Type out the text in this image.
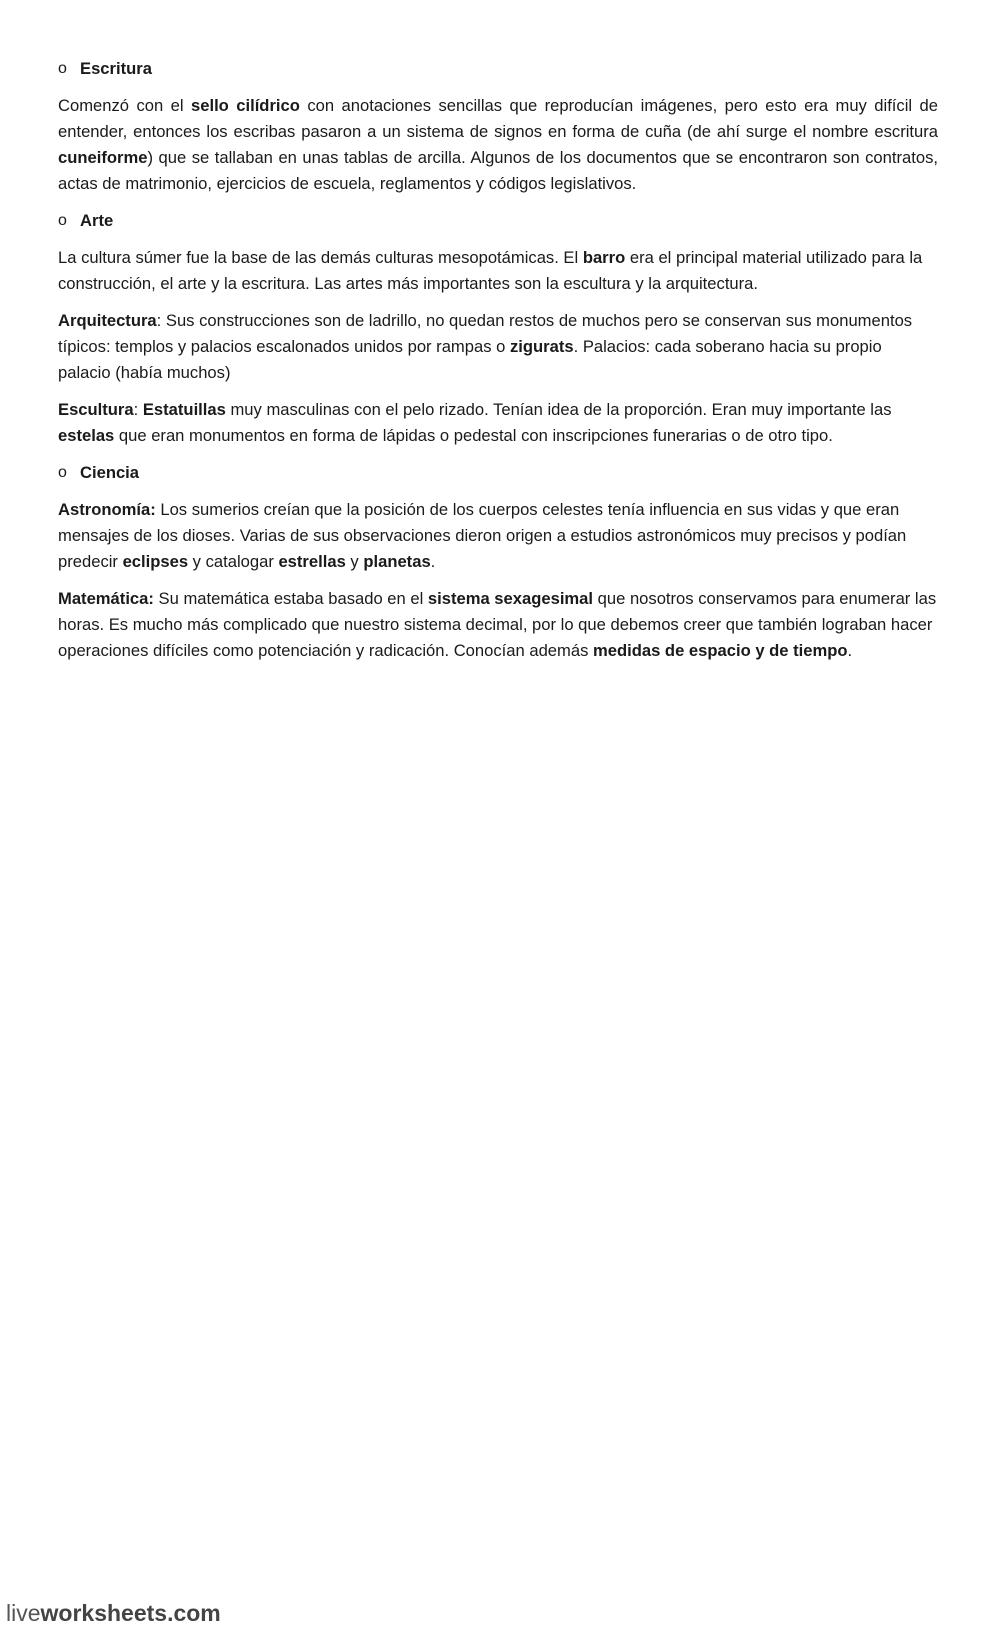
o Escritura

Comenzó con el sello cilídrico con anotaciones sencillas que reproducían imágenes, pero esto era muy difícil de entender, entonces los escribas pasaron a un sistema de signos en forma de cuña (de ahí surge el nombre escritura cuneiforme) que se tallaban en unas tablas de arcilla. Algunos de los documentos que se encontraron son contratos, actas de matrimonio, ejercicios de escuela, reglamentos y códigos legislativos.

o Arte

La cultura súmer fue la base de las demás culturas mesopotámicas. El barro era el principal material utilizado para la construcción, el arte y la escritura. Las artes más importantes son la escultura y la arquitectura.

Arquitectura: Sus construcciones son de ladrillo, no quedan restos de muchos pero se conservan sus monumentos típicos: templos y palacios escalonados unidos por rampas o zigurats. Palacios: cada soberano hacia su propio palacio (había muchos)

Escultura: Estatuillas muy masculinas con el pelo rizado. Tenían idea de la proporción. Eran muy importante las estelas que eran monumentos en forma de lápidas o pedestal con inscripciones funerarias o de otro tipo.

o Ciencia

Astronomía: Los sumerios creían que la posición de los cuerpos celestes tenía influencia en sus vidas y que eran mensajes de los dioses. Varias de sus observaciones dieron origen a estudios astronómicos muy precisos y podían predecir eclipses y catalogar estrellas y planetas.

Matemática: Su matemática estaba basado en el sistema sexagesimal que nosotros conservamos para enumerar las horas. Es mucho más complicado que nuestro sistema decimal, por lo que debemos creer que también lograban hacer operaciones difíciles como potenciación y radicación. Conocían además medidas de espacio y de tiempo.

liveworksheets.com
